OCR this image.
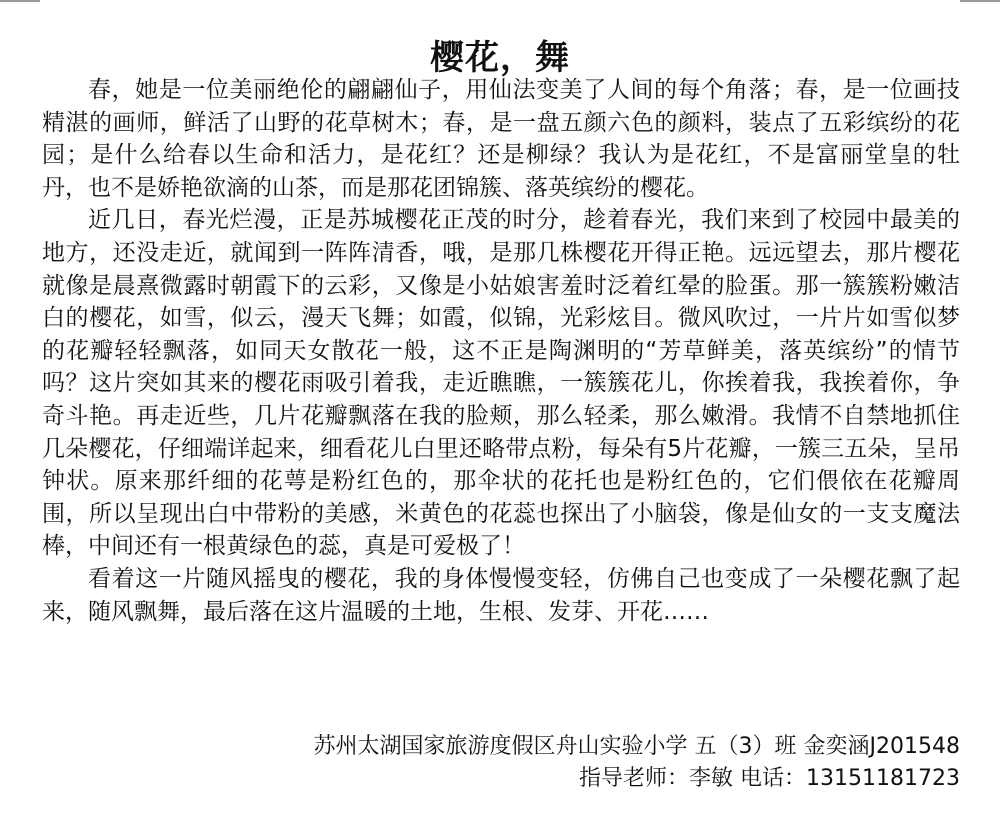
樱花，舞

春，她是一位美丽绝伦的翩翩仙子，用仙法变美了人间的每个角落；春，是一位画技精湛的画师，鲜活了山野的花草树木；春，是一盘五颜六色的颜料，装点了五彩缤纷的花园；是什么给春以生命和活力，是花红？还是柳绿？我认为是花红，不是富丽堂皇的牡丹，也不是娇艳欲滴的山茶，而是那花团锦簇、落英缤纷的樱花。

近几日，春光烂漫，正是苏城樱花正茂的时分，趁着春光，我们来到了校园中最美的地方，还没走近，就闻到一阵阵清香，哦，是那几株樱花开得正艳。远远望去，那片樱花就像是晨熹微露时朝霞下的云彩，又像是小姑娘害羞时泛着红晕的脸蛋。那一簇簇粉嫩洁白的樱花，如雪，似云，漫天飞舞；如霞，似锦，光彩炫目。微风吹过，一片片如雪似梦的花瓣轻轻飘落，如同天女散花一般，这不正是陶渊明的“芳草鲜美，落英缤纷”的情节吗？这片突如其来的樱花雨吸引着我，走近瞧瞧，一簇簇花儿，你挨着我，我挨着你，争奇斗艳。再走近些，几片花瓣飘落在我的脸颊，那么轻柔，那么嫩滑。我情不自禁地抓住几朵樱花，仔细端详起来，细看花儿白里还略带点粉，每朵有5片花瓣，一簇三五朵，呈吊钟状。原来那纤细的花萼是粉红色的，那伞状的花托也是粉红色的，它们偎依在花瓣周围，所以呈现出白中带粉的美感，米黄色的花蕊也探出了小脑袋，像是仙女的一支支魔法棒，中间还有一根黄绿色的蕊，真是可爱极了！

看着这一片随风摇曳的樱花，我的身体慢慢变轻，仿佛自己也变成了一朵樱花飘了起来，随风飘舞，最后落在这片温暖的土地，生根、发芽、开花……

苏州太湖国家旅游度假区舟山实验小学 五（3）班 金奕涵J201548
指导老师：李敏 电话：13151181723
